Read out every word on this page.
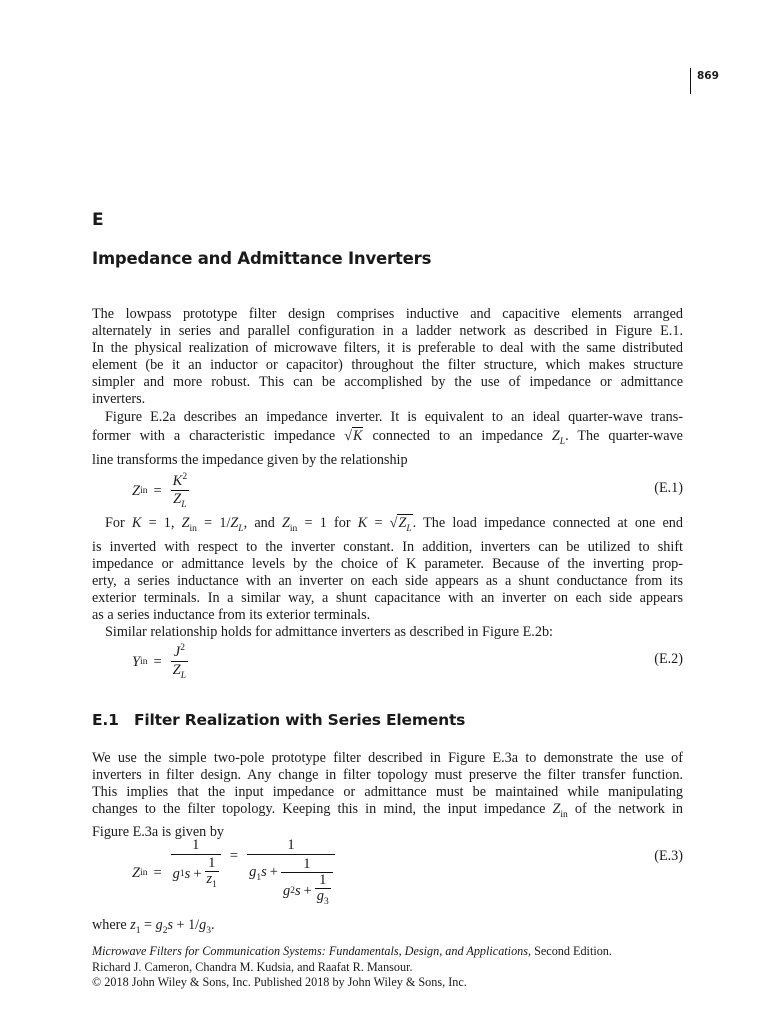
869
E
Impedance and Admittance Inverters
The lowpass prototype filter design comprises inductive and capacitive elements arranged
alternately in series and parallel configuration in a ladder network as described in Figure E.1.
In the physical realization of microwave filters, it is preferable to deal with the same distributed
element (be it an inductor or capacitor) throughout the filter structure, which makes structure
simpler and more robust. This can be accomplished by the use of impedance or admittance
inverters.
Figure E.2a describes an impedance inverter. It is equivalent to an ideal quarter-wave trans-
former with a characteristic impedance √K connected to an impedance $Z_L$. The quarter-wave
line transforms the impedance given by the relationship
Z in = $\frac{K^2}{Z_L}$	(E.1)
For K = 1, $Z_{in} = 1/Z_L$, and $Z_{in} = 1$ for $K = √Z_L$. The load impedance connected at one end
is inverted with respect to the inverter constant. In addition, inverters can be utilized to shift
impedance or admittance levels by the choice of K parameter. Because of the inverting prop-
erty, a series inductance with an inverter on each side appears as a shunt conductance from its
exterior terminals. In a similar way, a shunt capacitance with an inverter on each side appears
as a series inductance from its exterior terminals.
Similar relationship holds for admittance inverters as described in Figure E.2b:
Y in = $\frac{J^2}{Z_L}$	(E.2)
E.1 Filter Realization with Series Elements
We use the simple two-pole prototype filter described in Figure E.3a to demonstrate the use of
inverters in filter design. Any change in filter topology must preserve the filter transfer function.
This implies that the input impedance or admittance must be maintained while manipulating
changes to the filter topology. Keeping this in mind, the input impedance $Z_{in}$ of the network in
Figure E.3a is given by
Z in = $\frac{1}{g 1 s + \frac{1}{z_1}}$ =
1
$g_1s + \frac{1}{g 2 s + \frac{1}{g_3}}$
(E.3)
where $z_1 = g_2s + 1/g_3$.
Microwave Filters for Communication Systems: Fundamentals, Design, and Applications, Second Edition.
Richard J. Cameron, Chandra M. Kudsia, and Raafat R. Mansour.
© 2018 John Wiley & Sons, Inc. Published 2018 by John Wiley & Sons, Inc.
